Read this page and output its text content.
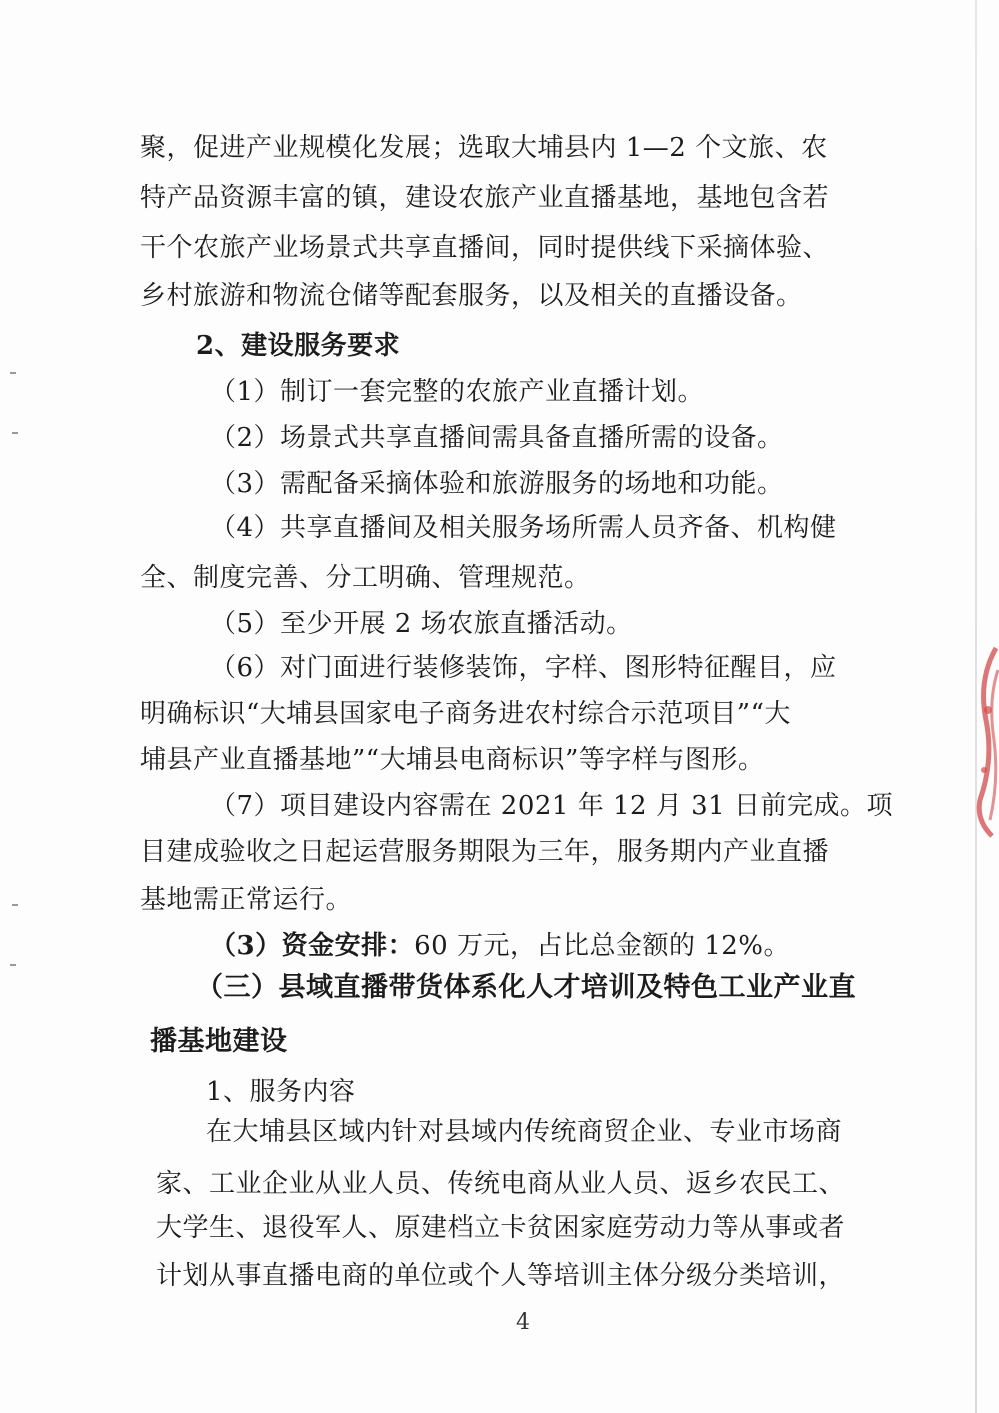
聚，促进产业规模化发展；选取大埔县内 1—2 个文旅、农
特产品资源丰富的镇，建设农旅产业直播基地，基地包含若
干个农旅产业场景式共享直播间，同时提供线下采摘体验、
乡村旅游和物流仓储等配套服务，以及相关的直播设备。
2、建设服务要求
（1）制订一套完整的农旅产业直播计划。
（2）场景式共享直播间需具备直播所需的设备。
（3）需配备采摘体验和旅游服务的场地和功能。
（4）共享直播间及相关服务场所需人员齐备、机构健
全、制度完善、分工明确、管理规范。
（5）至少开展 2 场农旅直播活动。
（6）对门面进行装修装饰，字样、图形特征醒目，应
明确标识“大埔县国家电子商务进农村综合示范项目”“大
埔县产业直播基地”“大埔县电商标识”等字样与图形。
（7）项目建设内容需在 2021 年 12 月 31 日前完成。项
目建成验收之日起运营服务期限为三年，服务期内产业直播
基地需正常运行。
（3）资金安排：60 万元，占比总金额的 12%。
（三）县域直播带货体系化人才培训及特色工业产业直
播基地建设
1、服务内容
在大埔县区域内针对县域内传统商贸企业、专业市场商
家、工业企业从业人员、传统电商从业人员、返乡农民工、
大学生、退役军人、原建档立卡贫困家庭劳动力等从事或者
计划从事直播电商的单位或个人等培训主体分级分类培训，
4
